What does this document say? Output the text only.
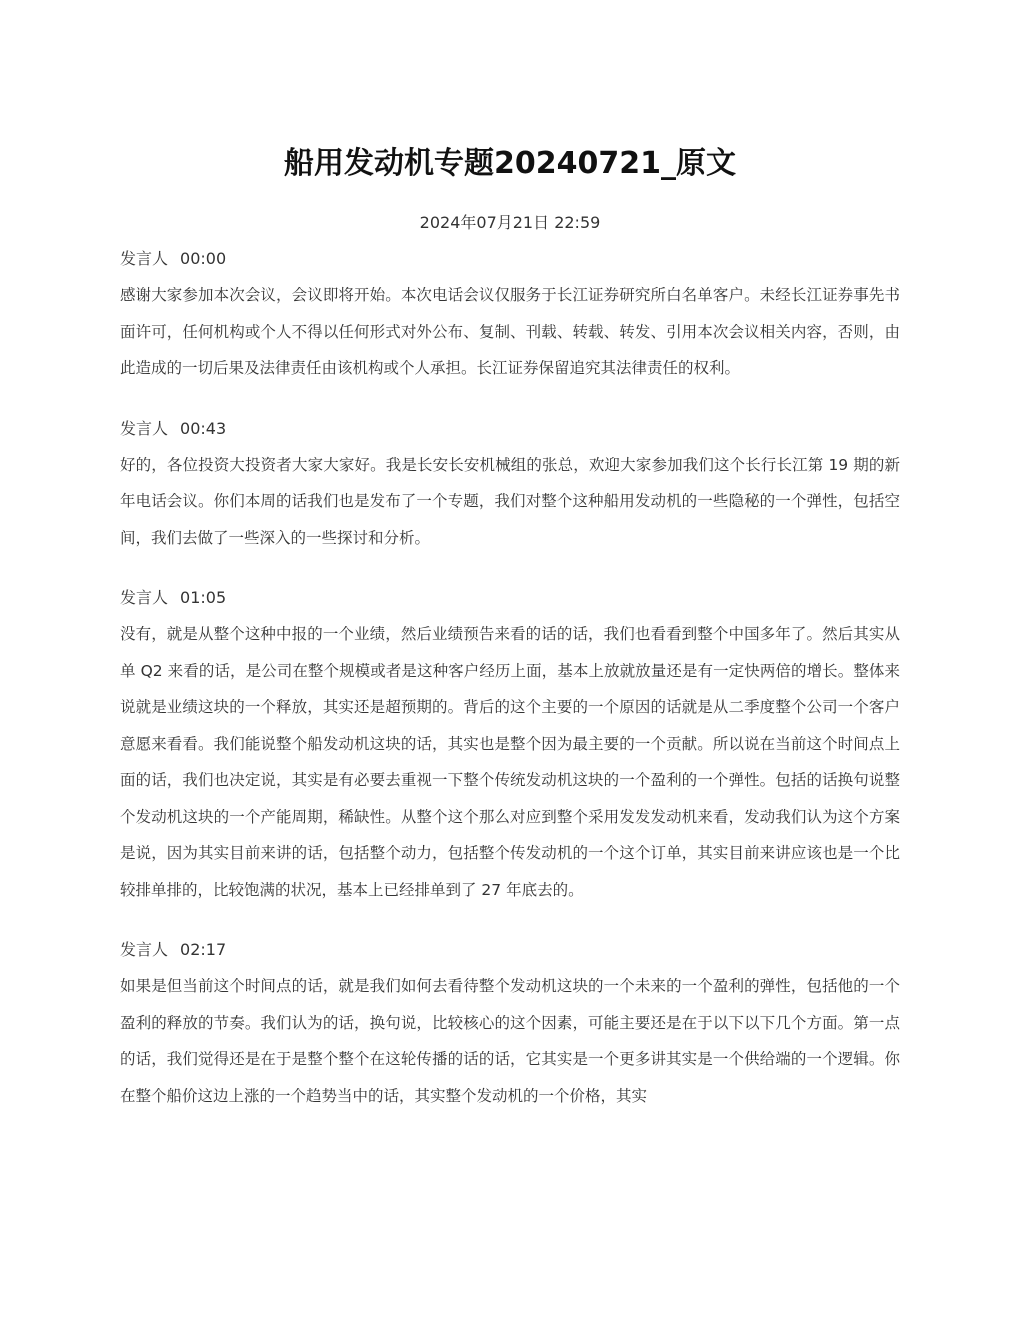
船用发动机专题20240721_原文
2024年07月21日 22:59
发言人 00:00

感谢大家参加本次会议，会议即将开始。本次电话会议仅服务于长江证券研究所白名单客户。未经长江证券事先书面许可，任何机构或个人不得以任何形式对外公布、复制、刊载、转载、转发、引用本次会议相关内容，否则，由此造成的一切后果及法律责任由该机构或个人承担。长江证券保留追究其法律责任的权利。

发言人 00:43

好的，各位投资大投资者大家大家好。我是长安长安机械组的张总，欢迎大家参加我们这个长行长江第 19 期的新年电话会议。你们本周的话我们也是发布了一个专题，我们对整个这种船用发动机的一些隐秘的一个弹性，包括空间，我们去做了一些深入的一些探讨和分析。

发言人 01:05

没有，就是从整个这种中报的一个业绩，然后业绩预告来看的话的话，我们也看看到整个中国多年了。然后其实从单 Q2 来看的话，是公司在整个规模或者是这种客户经历上面，基本上放就放量还是有一定快两倍的增长。整体来说就是业绩这块的一个释放，其实还是超预期的。背后的这个主要的一个原因的话就是从二季度整个公司一个客户意愿来看看。我们能说整个船发动机这块的话，其实也是整个因为最主要的一个贡献。所以说在当前这个时间点上面的话，我们也决定说，其实是有必要去重视一下整个传统发动机这块的一个盈利的一个弹性。包括的话换句说整个发动机这块的一个产能周期，稀缺性。从整个这个那么对应到整个采用发发发动机来看，发动我们认为这个方案是说，因为其实目前来讲的话，包括整个动力，包括整个传发动机的一个这个订单，其实目前来讲应该也是一个比较排单排的，比较饱满的状况，基本上已经排单到了 27 年底去的。

发言人 02:17

如果是但当前这个时间点的话，就是我们如何去看待整个发动机这块的一个未来的一个盈利的弹性，包括他的一个盈利的释放的节奏。我们认为的话，换句说，比较核心的这个因素，可能主要还是在于以下以下几个方面。第一点的话，我们觉得还是在于是整个整个在这轮传播的话的话，它其实是一个更多讲其实是一个供给端的一个逻辑。你在整个船价这边上涨的一个趋势当中的话，其实整个发动机的一个价格，其实
